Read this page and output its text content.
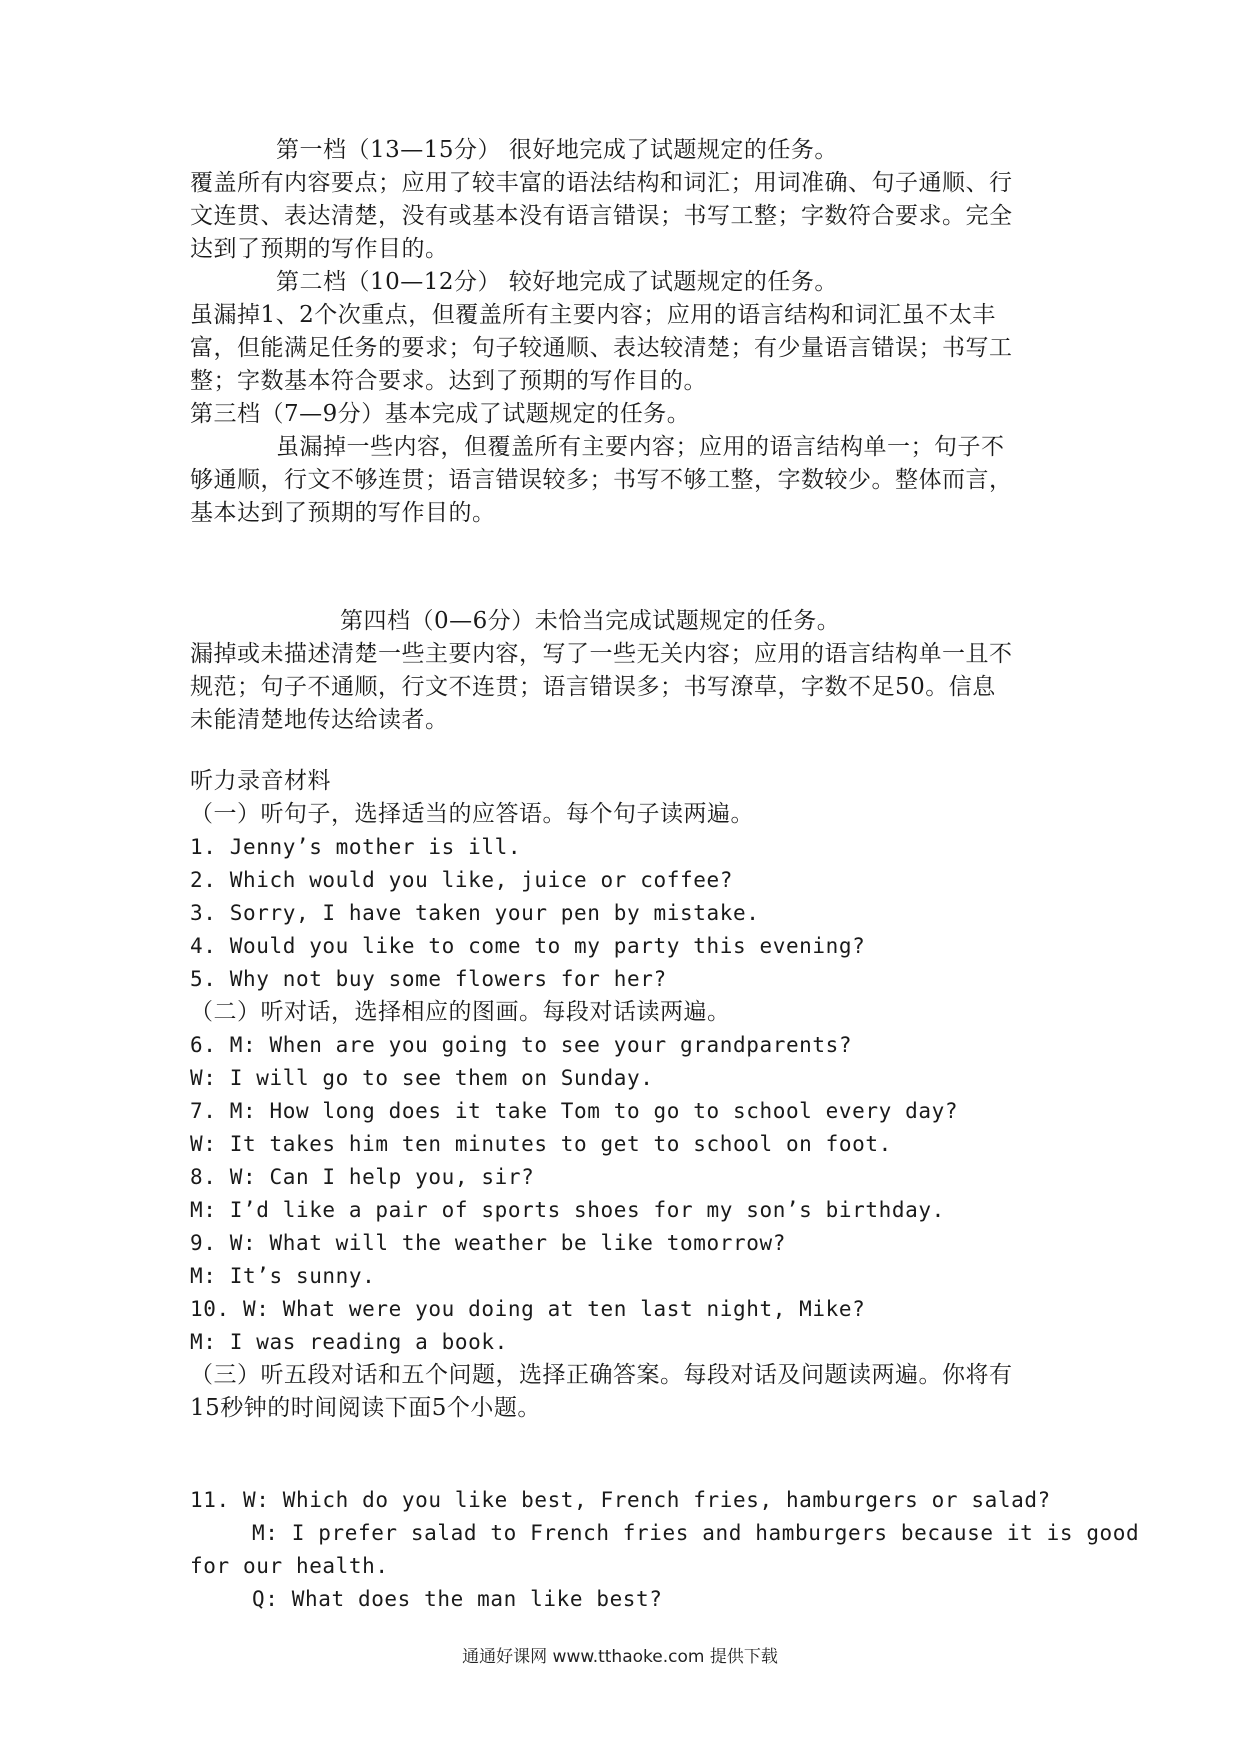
第一档（13—15分） 很好地完成了试题规定的任务。
覆盖所有内容要点；应用了较丰富的语法结构和词汇；用词准确、句子通顺、行
文连贯、表达清楚，没有或基本没有语言错误；书写工整；字数符合要求。完全
达到了预期的写作目的。
第二档（10—12分） 较好地完成了试题规定的任务。
虽漏掉1、2个次重点，但覆盖所有主要内容；应用的语言结构和词汇虽不太丰
富，但能满足任务的要求；句子较通顺、表达较清楚；有少量语言错误；书写工
整；字数基本符合要求。达到了预期的写作目的。
第三档（7—9分）基本完成了试题规定的任务。
虽漏掉一些内容，但覆盖所有主要内容；应用的语言结构单一；句子不
够通顺，行文不够连贯；语言错误较多；书写不够工整，字数较少。整体而言，
基本达到了预期的写作目的。
第四档（0—6分）未恰当完成试题规定的任务。
漏掉或未描述清楚一些主要内容，写了一些无关内容；应用的语言结构单一且不
规范；句子不通顺，行文不连贯；语言错误多；书写潦草，字数不足50。信息
未能清楚地传达给读者。
听力录音材料
（一）听句子，选择适当的应答语。每个句子读两遍。
1. Jenny’s mother is ill.
2. Which would you like, juice or coffee?
3. Sorry, I have taken your pen by mistake.
4. Would you like to come to my party this evening?
5. Why not buy some flowers for her?
（二）听对话，选择相应的图画。每段对话读两遍。
6. M: When are you going to see your grandparents?
W: I will go to see them on Sunday.
7. M: How long does it take Tom to go to school every day?
W: It takes him ten minutes to get to school on foot.
8. W: Can I help you, sir?
M: I’d like a pair of sports shoes for my son’s birthday.
9. W: What will the weather be like tomorrow?
M: It’s sunny.
10. W: What were you doing at ten last night, Mike?
M: I was reading a book.
（三）听五段对话和五个问题，选择正确答案。每段对话及问题读两遍。你将有
15秒钟的时间阅读下面5个小题。
11. W: Which do you like best, French fries, hamburgers or salad?
M: I prefer salad to French fries and hamburgers because it is good
for our health.
Q: What does the man like best?
通通好课网 www.tthaoke.com 提供下载
